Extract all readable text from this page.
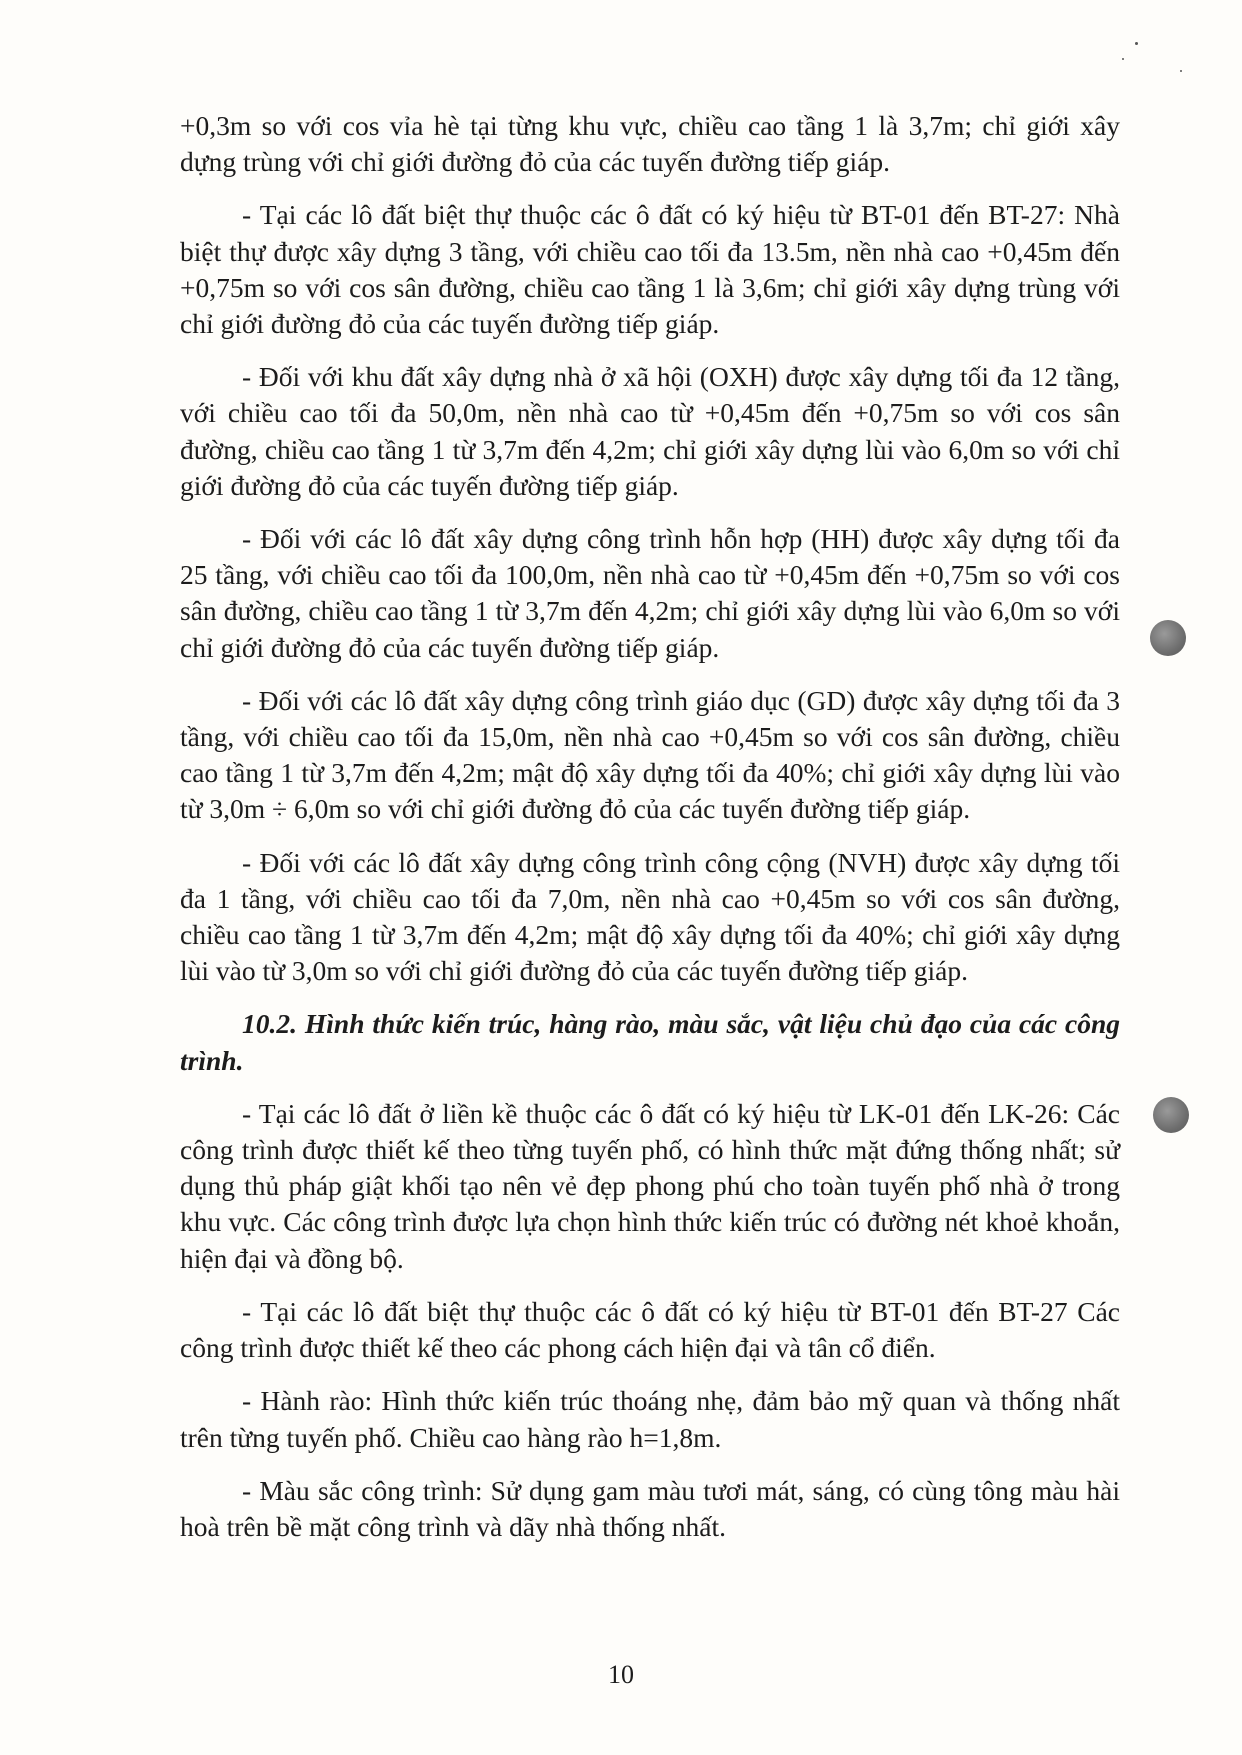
+0,3m so với cos vỉa hè tại từng khu vực, chiều cao tầng 1 là 3,7m; chỉ giới xây dựng trùng với chỉ giới đường đỏ của các tuyến đường tiếp giáp.

- Tại các lô đất biệt thự thuộc các ô đất có ký hiệu từ BT-01 đến BT-27: Nhà biệt thự được xây dựng 3 tầng, với chiều cao tối đa 13.5m, nền nhà cao +0,45m đến +0,75m so với cos sân đường, chiều cao tầng 1 là 3,6m; chỉ giới xây dựng trùng với chỉ giới đường đỏ của các tuyến đường tiếp giáp.

- Đối với khu đất xây dựng nhà ở xã hội (OXH) được xây dựng tối đa 12 tầng, với chiều cao tối đa 50,0m, nền nhà cao từ +0,45m đến +0,75m so với cos sân đường, chiều cao tầng 1 từ 3,7m đến 4,2m; chỉ giới xây dựng lùi vào 6,0m so với chỉ giới đường đỏ của các tuyến đường tiếp giáp.

- Đối với các lô đất xây dựng công trình hỗn hợp (HH) được xây dựng tối đa 25 tầng, với chiều cao tối đa 100,0m, nền nhà cao từ +0,45m đến +0,75m so với cos sân đường, chiều cao tầng 1 từ 3,7m đến 4,2m; chỉ giới xây dựng lùi vào 6,0m so với chỉ giới đường đỏ của các tuyến đường tiếp giáp.

- Đối với các lô đất xây dựng công trình giáo dục (GD) được xây dựng tối đa 3 tầng, với chiều cao tối đa 15,0m, nền nhà cao +0,45m so với cos sân đường, chiều cao tầng 1 từ 3,7m đến 4,2m; mật độ xây dựng tối đa 40%; chỉ giới xây dựng lùi vào từ 3,0m ÷ 6,0m so với chỉ giới đường đỏ của các tuyến đường tiếp giáp.

- Đối với các lô đất xây dựng công trình công cộng (NVH) được xây dựng tối đa 1 tầng, với chiều cao tối đa 7,0m, nền nhà cao +0,45m so với cos sân đường, chiều cao tầng 1 từ 3,7m đến 4,2m; mật độ xây dựng tối đa 40%; chỉ giới xây dựng lùi vào từ 3,0m so với chỉ giới đường đỏ của các tuyến đường tiếp giáp.

10.2. Hình thức kiến trúc, hàng rào, màu sắc, vật liệu chủ đạo của các công trình.

- Tại các lô đất ở liền kề thuộc các ô đất có ký hiệu từ LK-01 đến LK-26: Các công trình được thiết kế theo từng tuyến phố, có hình thức mặt đứng thống nhất; sử dụng thủ pháp giật khối tạo nên vẻ đẹp phong phú cho toàn tuyến phố nhà ở trong khu vực. Các công trình được lựa chọn hình thức kiến trúc có đường nét khoẻ khoắn, hiện đại và đồng bộ.

- Tại các lô đất biệt thự thuộc các ô đất có ký hiệu từ BT-01 đến BT-27 Các công trình được thiết kế theo các phong cách hiện đại và tân cổ điển.

- Hành rào: Hình thức kiến trúc thoáng nhẹ, đảm bảo mỹ quan và thống nhất trên từng tuyến phố. Chiều cao hàng rào h=1,8m.

- Màu sắc công trình: Sử dụng gam màu tươi mát, sáng, có cùng tông màu hài hoà trên bề mặt công trình và dãy nhà thống nhất.

10
